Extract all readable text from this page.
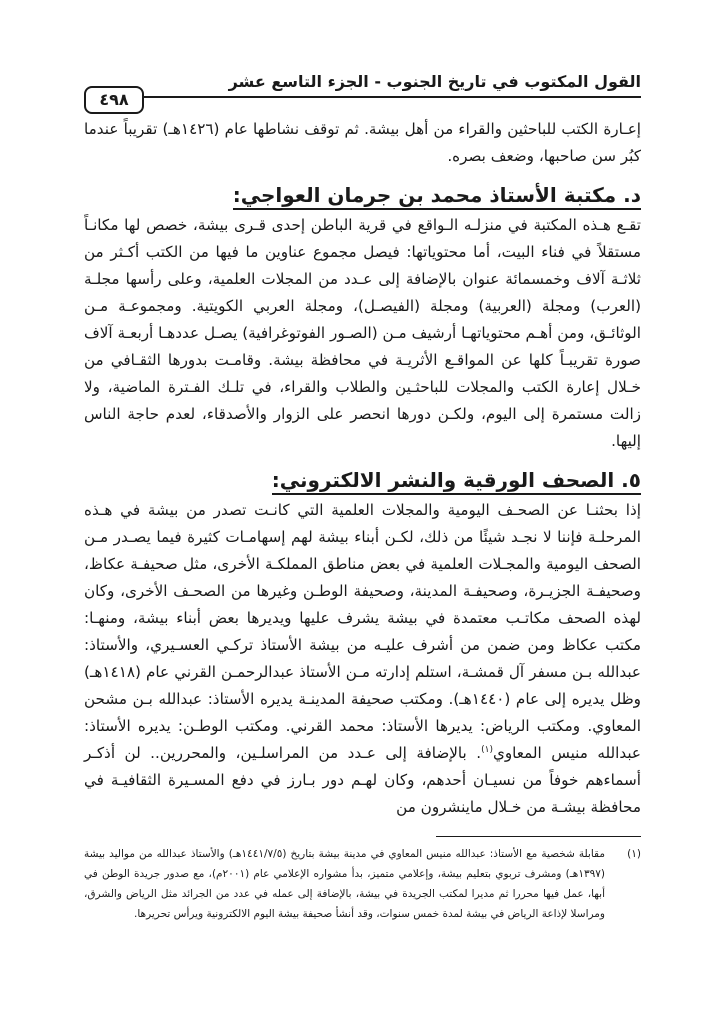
القول المكتوب في تاريخ الجنوب - الجزء التاسع عشر
٤٩٨

إعـارة الكتب للباحثين والقراء من أهل بيشة. ثم توقف نشاطها عام (١٤٢٦هـ) تقريباً عندما كبُر سن صاحبها، وضعف بصره.

د. مكتبة الأستاذ محمد بن جرمان العواجي:

تقـع هـذه المكتبة في منزلـه الـواقع في قرية الباطن إحدى قـرى بيشة، خصص لها مكانـاً مستقلاً في فناء البيت، أما محتوياتها: فيصل مجموع عناوين ما فيها من الكتب أكـثر من ثلاثـة آلاف وخمسمائة عنوان بالإضافة إلى عـدد من المجلات العلمية، وعلى رأسها مجلـة (العرب) ومجلة (العربية) ومجلة (الفيصـل)، ومجلة العربي الكويتية. ومجموعـة مـن الوثائـق، ومن أهـم محتوياتهـا أرشيف مـن (الصـور الفوتوغرافية) يصـل عددهـا أربعـة آلاف صورة تقريبـاً كلها عن المواقـع الأثريـة في محافظة بيشة. وقامـت بدورها الثقـافي من خـلال إعارة الكتب والمجلات للباحثـين والطلاب والقراء، في تلـك الفـترة الماضية، ولا زالت مستمرة إلى اليوم، ولكـن دورها انحصر على الزوار والأصدقاء، لعدم حاجة الناس إليها.

٥. الصحف الورقية والنشر الالكتروني:

إذا بحثنـا عن الصحـف اليومية والمجلات العلمية التي كانـت تصدر من بيشة في هـذه المرحلـة فإننا لا نجـد شيئًا من ذلك، لكـن أبناء بيشة لهم إسهامـات كثيرة فيما يصـدر مـن الصحف اليومية والمجـلات العلمية في بعض مناطق المملكـة الأخرى، مثل صحيفـة عكاظ، وصحيفـة الجزيـرة، وصحيفـة المدينة، وصحيفة الوطـن وغيرها من الصحـف الأخرى، وكان لهذه الصحف مكاتـب معتمدة في بيشة يشرف عليها ويديرها بعض أبناء بيشة، ومنهـا: مكتب عكاظ ومن ضمن من أشرف عليـه من بيشة الأستاذ تركـي العسـيري، والأستاذ: عبدالله بـن مسفر آل قمشـة، استلم إدارته مـن الأستاذ عبدالرحمـن القرني عام (١٤١٨هـ) وظل يديره إلى عام (١٤٤٠هـ). ومكتب صحيفة المدينـة يديره الأستاذ: عبدالله بـن مشحن المعاوي. ومكتب الرياض: يديرها الأستاذ: محمد القرني. ومكتب الوطـن: يديره الأستاذ: عبدالله منيس المعاوي$^{(١)}$. بالإضافة إلى عـدد من المراسلـين، والمحررين.. لن أذكـر أسماءهم خوفاً من نسيـان أحدهم، وكان لهـم دور بـارز في دفع المسـيرة الثقافيـة في محافظة بيشـة من خـلال ماينشرون من

(١)
مقابلة شخصية مع الأستاذ: عبدالله منيس المعاوي في مدينة بيشة بتاريخ (١٤٤١/٧/٥هـ) والأستاذ عبدالله من مواليد بيشة (١٣٩٧هـ) ومشرف تربوي بتعليم بيشة، وإعلامي متميز، بدأ مشواره الإعلامي عام (٢٠٠١م)، مع صدور جريدة الوطن في أبها، عمل فيها محررا ثم مديرا لمكتب الجريدة في بيشة، بالإضافة إلى عمله في عدد من الجرائد مثل الرياض والشرق، ومراسلا لإذاعة الرياض في بيشة لمدة خمس سنوات، وقد أنشأ صحيفة بيشة اليوم الالكترونية ويرأس تحريرها.
